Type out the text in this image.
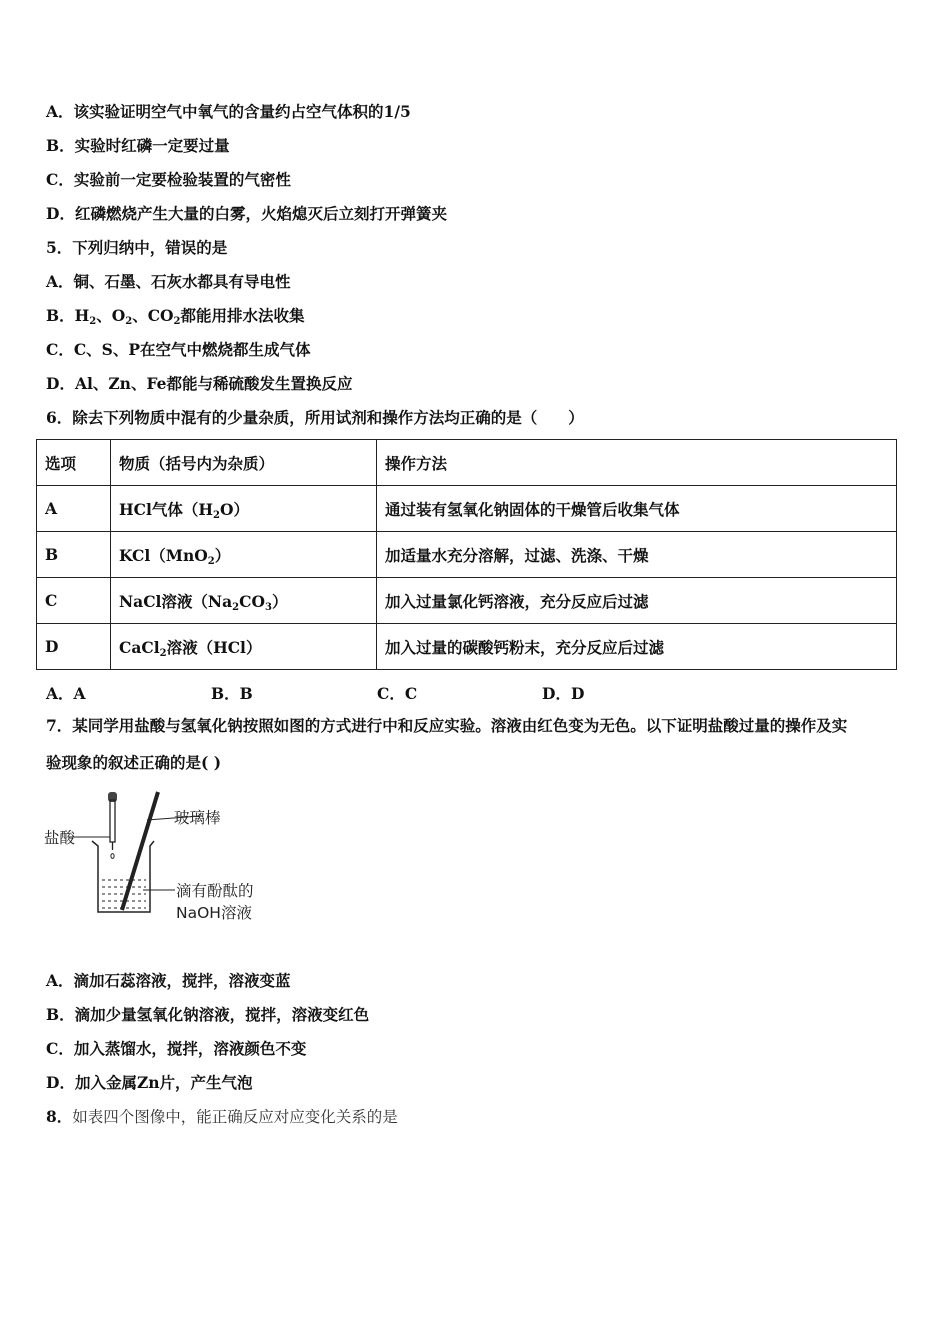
A．该实验证明空气中氧气的含量约占空气体积的1/5
B．实验时红磷一定要过量
C．实验前一定要检验装置的气密性
D．红磷燃烧产生大量的白雾，火焰熄灭后立刻打开弹簧夹
5．下列归纳中，错误的是
A．铜、石墨、石灰水都具有导电性
B．$H_2$、$O_2$、$CO_2$都能用排水法收集
C．C、S、P在空气中燃烧都生成气体
D．Al、Zn、Fe都能与稀硫酸发生置换反应
6．除去下列物质中混有的少量杂质，所用试剂和操作方法均正确的是（　　）
选项	物质（括号内为杂质）	操作方法
A	HCl气体$(H_2O)$	通过装有氢氧化钠固体的干燥管后收集气体
B	KCl（MnO$_2$）	加适量水充分溶解，过滤、洗涤、干燥
C	NaCl溶液$(Na_2CO_3)$	加入过量氯化钙溶液，充分反应后过滤
D	CaCl$_2$溶液（HCl）	加入过量的碳酸钙粉末，充分反应后过滤
A．A	B．B	C．C	D．D
7．某同学用盐酸与氢氧化钠按照如图的方式进行中和反应实验。溶液由红色变为无色。以下证明盐酸过量的操作及实
验现象的叙述正确的是( )
玻璃棒
盐酸
滴有酚酞的
NaOH溶液
A．滴加石蕊溶液，搅拌，溶液变蓝
B．滴加少量氢氧化钠溶液，搅拌，溶液变红色
C．加入蒸馏水，搅拌，溶液颜色不变
D．加入金属Zn片，产生气泡
8．如表四个图像中，能正确反应对应变化关系的是
